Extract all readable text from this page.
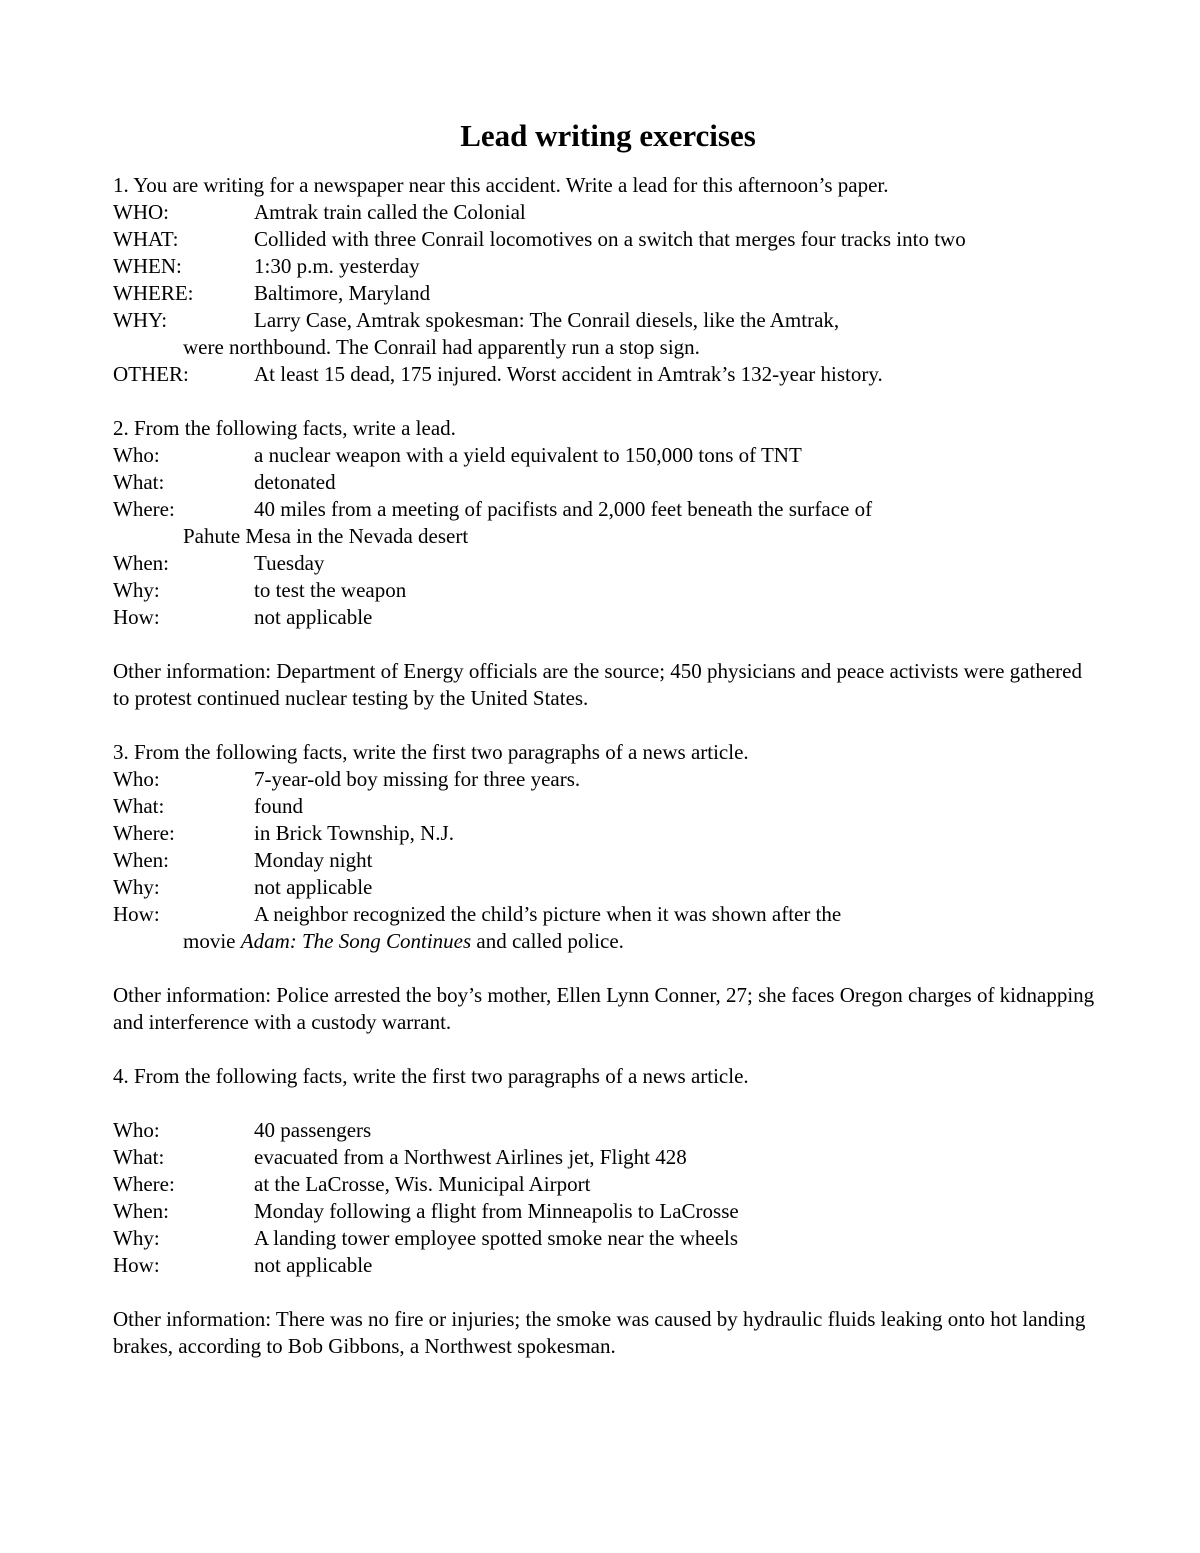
Lead writing exercises
1. You are writing for a newspaper near this accident. Write a lead for this afternoon’s paper.
WHO:	Amtrak train called the Colonial
WHAT:	Collided with three Conrail locomotives on a switch that merges four tracks into two
WHEN:	1:30 p.m. yesterday
WHERE:	Baltimore, Maryland
WHY:	Larry Case, Amtrak spokesman: The Conrail diesels, like the Amtrak,
were northbound. The Conrail had apparently run a stop sign.
OTHER:	At least 15 dead, 175 injured. Worst accident in Amtrak’s 132-year history.
2. From the following facts, write a lead.
Who:	a nuclear weapon with a yield equivalent to 150,000 tons of TNT
What:	detonated
Where:	40 miles from a meeting of pacifists and 2,000 feet beneath the surface of
Pahute Mesa in the Nevada desert
When:	Tuesday
Why:	to test the weapon
How:	not applicable
Other information: Department of Energy officials are the source; 450 physicians and peace activists were gathered to protest continued nuclear testing by the United States.
3. From the following facts, write the first two paragraphs of a news article.
Who:	7-year-old boy missing for three years.
What:	found
Where:	in Brick Township, N.J.
When:	Monday night
Why:	not applicable
How:	A neighbor recognized the child’s picture when it was shown after the
movie Adam: The Song Continues and called police.
Other information: Police arrested the boy’s mother, Ellen Lynn Conner, 27; she faces Oregon charges of kidnapping and interference with a custody warrant.
4. From the following facts, write the first two paragraphs of a news article.
Who:	40 passengers
What:	evacuated from a Northwest Airlines jet, Flight 428
Where:	at the LaCrosse, Wis. Municipal Airport
When:	Monday following a flight from Minneapolis to LaCrosse
Why:	A landing tower employee spotted smoke near the wheels
How:	not applicable
Other information: There was no fire or injuries; the smoke was caused by hydraulic fluids leaking onto hot landing brakes, according to Bob Gibbons, a Northwest spokesman.
